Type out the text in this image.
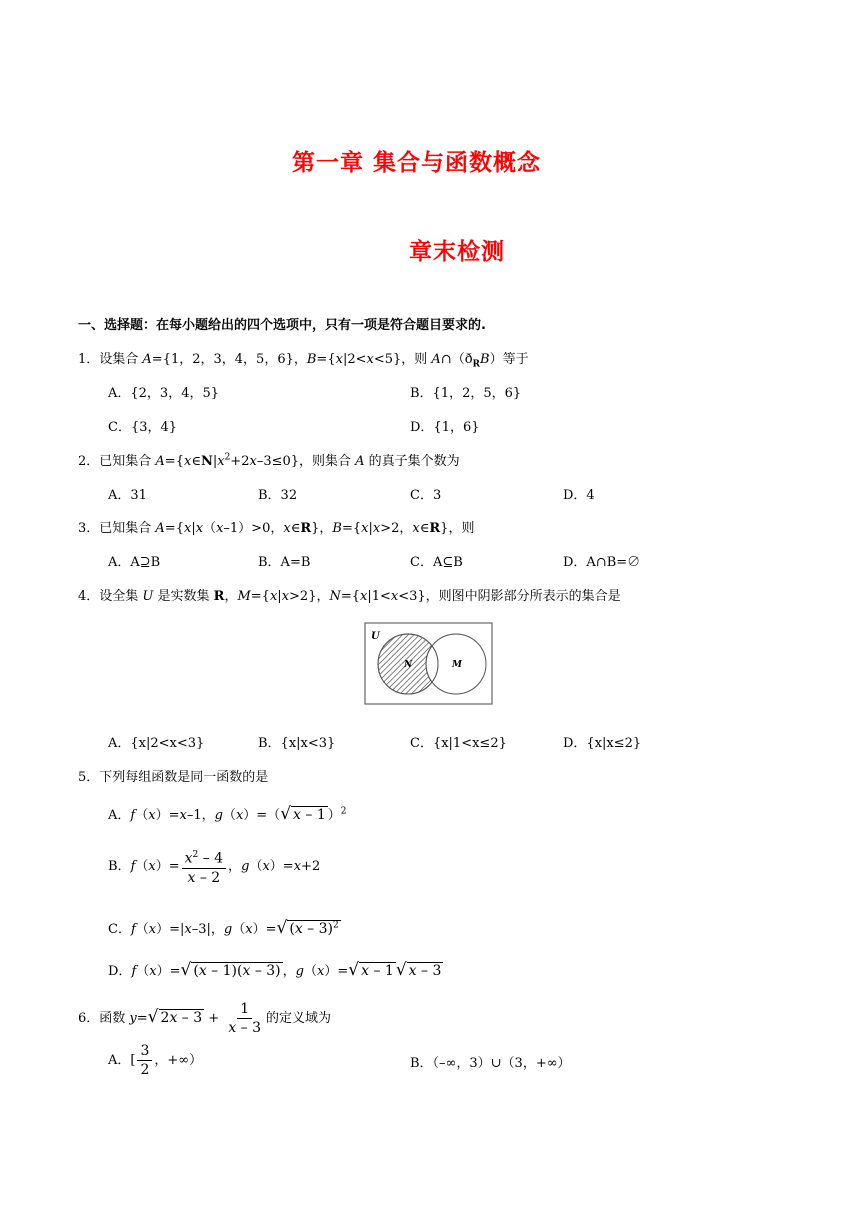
第一章 集合与函数概念
章末检测
一、选择题：在每小题给出的四个选项中，只有一项是符合题目要求的.
1．设集合 A={1，2，3，4，5，6}，B={x|2<x<5}，则 $A\cap(ð_RB)$等于
A．{2，3，4，5}	B．{1，2，5，6}
C．{3，4}	D．{1，6}
2．已知集合 $A=\{x\in N|x^2+2x-3\le 0\}$，则集合 A 的真子集个数为
A．31	B．32	C．3	D．4
3．已知集合 A={x|x（x–1）>0，x∈R}，B={x|x>2，x∈R}，则
A．A⊇B	B．A=B	C．A⊆B	D．A∩B=∅
4．设全集 U 是实数集 R，M={x|x>2}，N={x|1<x<3}，则图中阴影部分所表示的集合是
U
N	M
A．{x|2<x<3}	B．{x|x<3}	C．{x|1<x≤2}	D．{x|x≤2}
5．下列每组函数是同一函数的是
A．f（x）=x–1，g（x）=（√ x – 1 ）$^2$
B．$f(x)= \frac{x^2 - 4}{x - 2}$ ，g（x）=x+2
C．f（x）=|x–3|，g（x）=√ (x – 3)$^2$
D．f（x）=√ (x – 1)(x – 3) ，g（x）=√ x – 1 √ x – 3
6．函数 y=√ $2x - 3 + \frac{1}{x - 3}$ 的定义域为
A．[ $\frac{3}{2}$ ，+∞）	B．（–∞，3）∪（3，+∞）
